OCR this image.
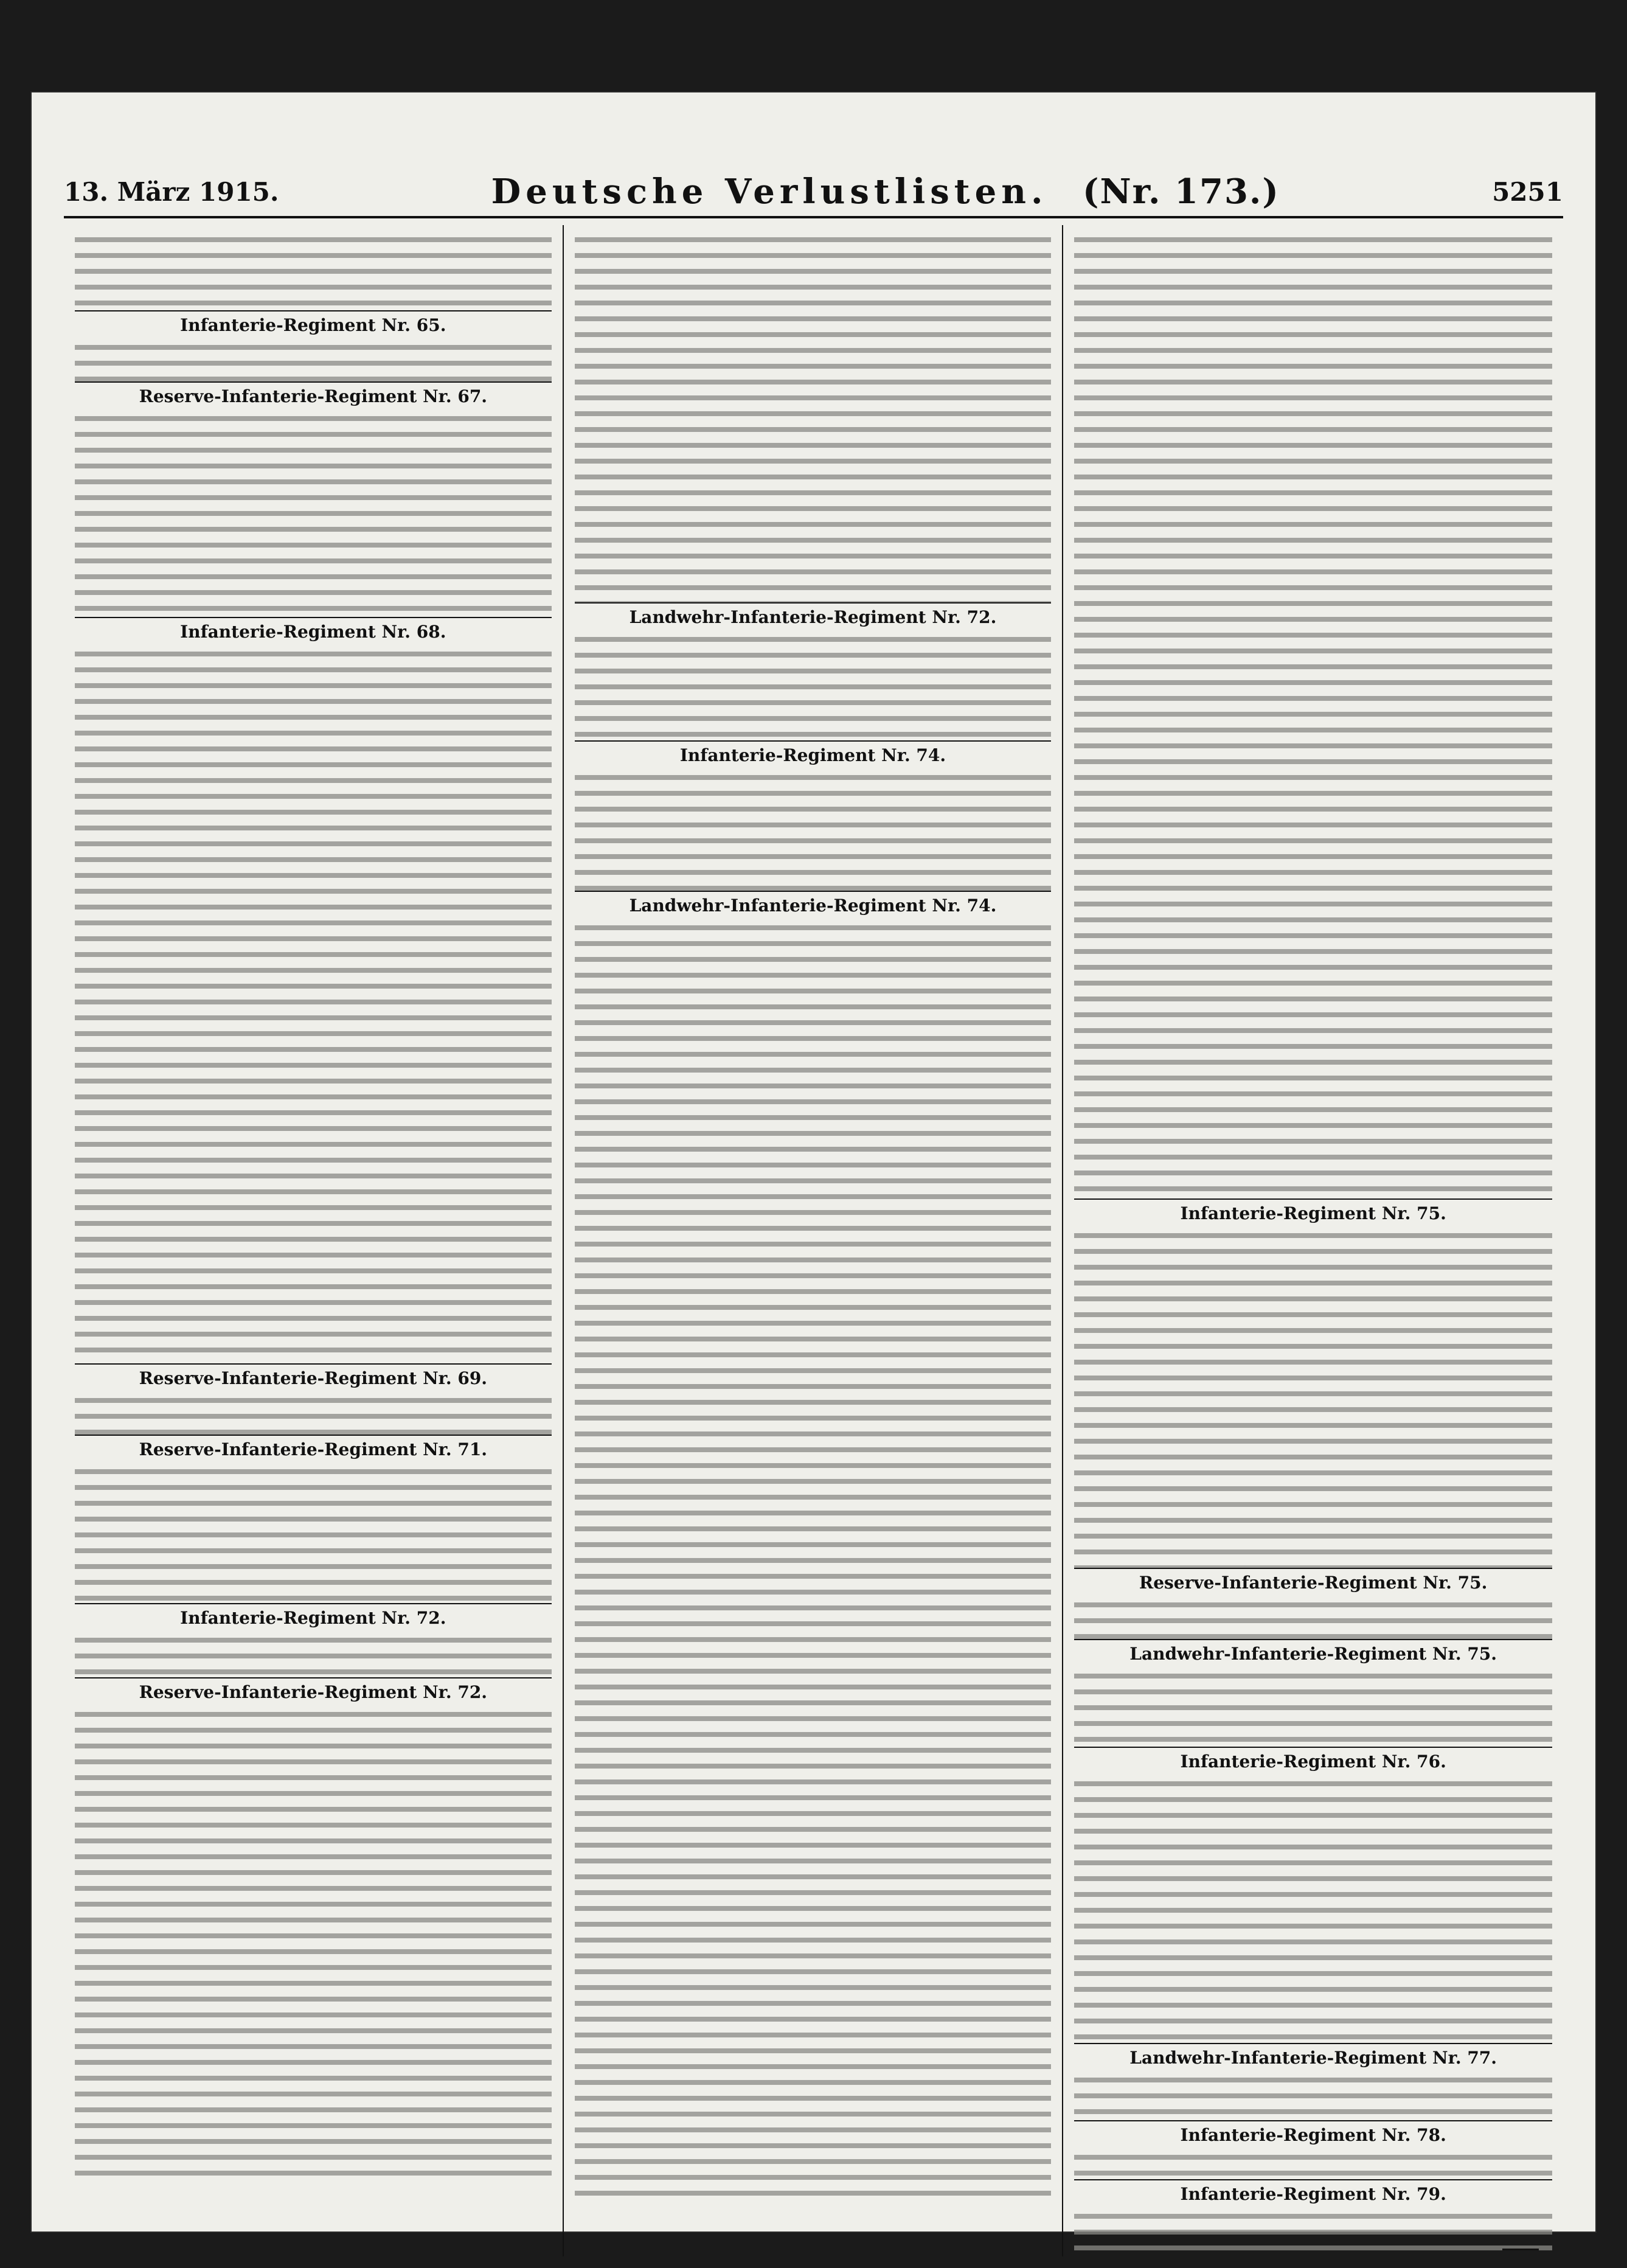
13. März 1915.	Deutsche Verlustlisten. (Nr. 173.)	5251
Infanterie-Regiment Nr. 65.
Reserve-Infanterie-Regiment Nr. 67.
Infanterie-Regiment Nr. 68.
Reserve-Infanterie-Regiment Nr. 69.
Reserve-Infanterie-Regiment Nr. 71.
Infanterie-Regiment Nr. 72.
Reserve-Infanterie-Regiment Nr. 72.
Landwehr-Infanterie-Regiment Nr. 72.
Infanterie-Regiment Nr. 74.
Landwehr-Infanterie-Regiment Nr. 74.
Infanterie-Regiment Nr. 75.
Reserve-Infanterie-Regiment Nr. 75.
Landwehr-Infanterie-Regiment Nr. 75.
Infanterie-Regiment Nr. 76.
Landwehr-Infanterie-Regiment Nr. 77.
Infanterie-Regiment Nr. 78.
Infanterie-Regiment Nr. 79.
